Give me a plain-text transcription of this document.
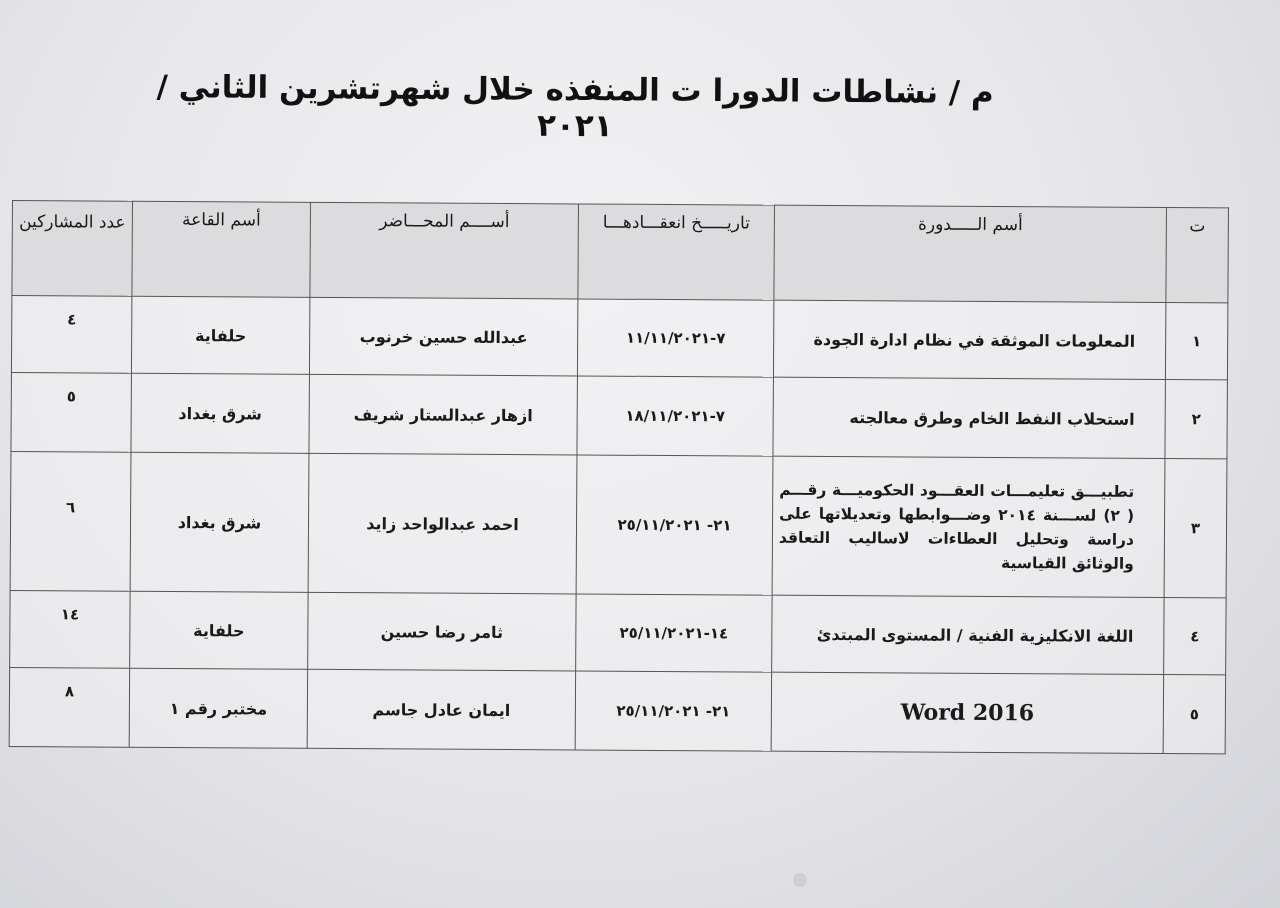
م / نشاطات الدورا ت المنفذه خلال شهرتشرين الثاني /٢٠٢١
ت	أسم الـــــدورة	تاريـــــخ انعقـــادهـــا	أســــم المحـــاضر	أسم القاعة	عدد المشاركين
١	المعلومات الموثقة في نظام ادارة الجودة	٧-١١/١١/٢٠٢١	عبدالله حسين خرنوب	حلفاية	٤
٢	استحلاب النفط الخام وطرق معالجته	٧-١٨/١١/٢٠٢١	ازهار عبدالستار شريف	شرق بغداد	٥
٣	تطبيـــق تعليمـــات العقـــود الحكوميـــة رقـــم ( ٢) لســـنة ٢٠١٤ وضـــوابطها وتعديلاتها على دراسة وتحليل العطاءات لاساليب التعاقد والوثائق القياسية	٢١- ٢٥/١١/٢٠٢١	احمد عبدالواحد زايد	شرق بغداد	٦
٤	اللغة الانكليزية الفنية / المستوى المبتدئ	١٤-٢٥/١١/٢٠٢١	ثامر رضا حسين	حلفاية	١٤
٥	Word 2016	٢١- ٢٥/١١/٢٠٢١	ايمان عادل جاسم	مختبر رقم ١	٨
